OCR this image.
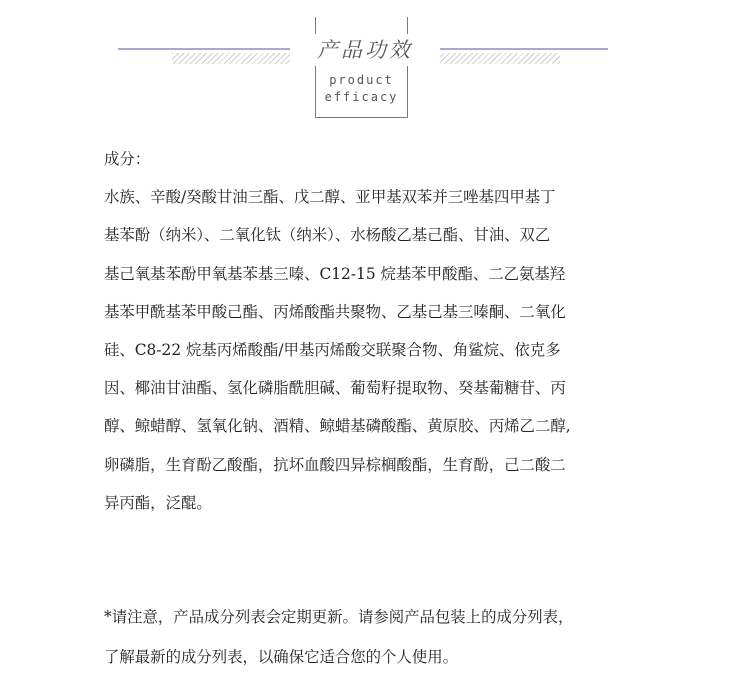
产品功效
product
efficacy

成分：

水族、辛酸/癸酸甘油三酯、戊二醇、亚甲基双苯并三唑基四甲基丁

基苯酚（纳米）、二氧化钛（纳米）、水杨酸乙基己酯、甘油、双乙

基己氧基苯酚甲氧基苯基三嗪、C12-15 烷基苯甲酸酯、二乙氨基羟

基苯甲酰基苯甲酸己酯、丙烯酸酯共聚物、乙基己基三嗪酮、二氧化

硅、C8-22 烷基丙烯酸酯/甲基丙烯酸交联聚合物、角鲨烷、依克多

因、椰油甘油酯、氢化磷脂酰胆碱、葡萄籽提取物、癸基葡糖苷、丙

醇、鲸蜡醇、氢氧化钠、酒精、鲸蜡基磷酸酯、黄原胶、丙烯乙二醇,

卵磷脂，生育酚乙酸酯，抗坏血酸四异棕榈酸酯，生育酚，己二酸二

异丙酯，泛醌。

*请注意，产品成分列表会定期更新。请参阅产品包装上的成分列表，

了解最新的成分列表，以确保它适合您的个人使用。
